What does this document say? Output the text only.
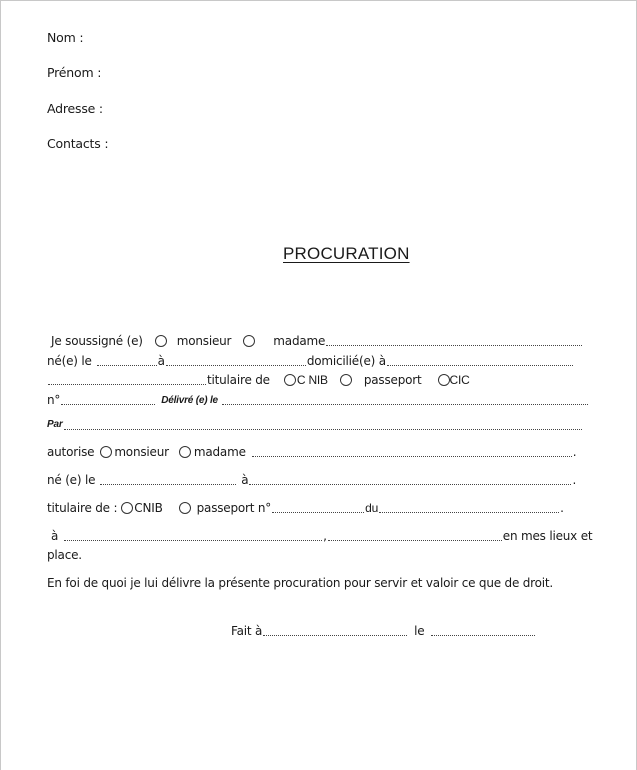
Nom :
Prénom :
Adresse :
Contacts :
PROCURATION
Je soussigné (e)	monsieur	madame
né(e) le	à	domicilié(e) à
titulaire de C NIB	passeport CIC
n°	Délivré (e) le
Par
autorise monsieur madame	.
né (e) le	à	.
titulaire de : CNIB	passeport n°	du	.
à	,	en mes lieux et
place.
En foi de quoi je lui délivre la présente procuration pour servir et valoir ce que de droit.
Fait à	le
